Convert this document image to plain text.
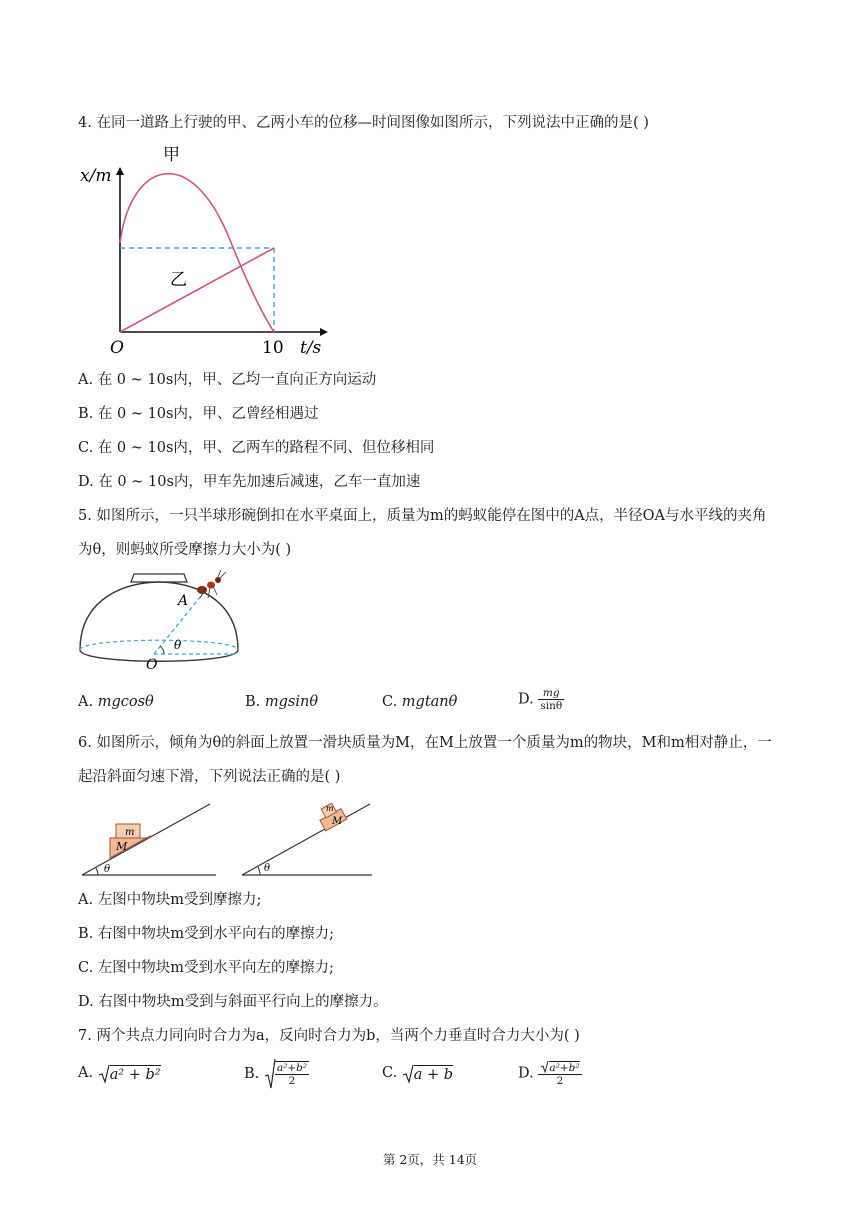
4. 在同一道路上行驶的甲、乙两小车的位移—时间图像如图所示，下列说法中正确的是( )
甲
乙
x/m
O	10 t/s
A. 在 0 ~ 10s内，甲、乙均一直向正方向运动
B. 在 0 ~ 10s内，甲、乙曾经相遇过
C. 在 0 ~ 10s内，甲、乙两车的路程不同、但位移相同
D. 在 0 ~ 10s内，甲车先加速后减速，乙车一直加速
5. 如图所示，一只半球形碗倒扣在水平桌面上，质量为m的蚂蚁能停在图中的A点，半径OA与水平线的夹角
为θ，则蚂蚁所受摩擦力大小为( )
A
O
θ
A. mgcosθ	B. mgsinθ	C. mgtanθ	D. $\frac{mg}{\sin\theta}$
6. 如图所示，倾角为θ的斜面上放置一滑块质量为M，在M上放置一个质量为m的物块，M和m相对静止，一
起沿斜面匀速下滑，下列说法正确的是( )
m
M
θ	θ
m
M
A. 左图中物块m受到摩擦力;
B. 右图中物块m受到水平向右的摩擦力;
C. 左图中物块m受到水平向左的摩擦力;
D. 右图中物块m受到与斜面平行向上的摩擦力。
7. 两个共点力同向时合力为a，反向时合力为b，当两个力垂直时合力大小为( )
A. a² + b²	B. $\frac{\text{a²+b²}}{2}$	C. a + b	D. $\frac{\text{a²+b²}}{2}$
第 2页，共 14页
